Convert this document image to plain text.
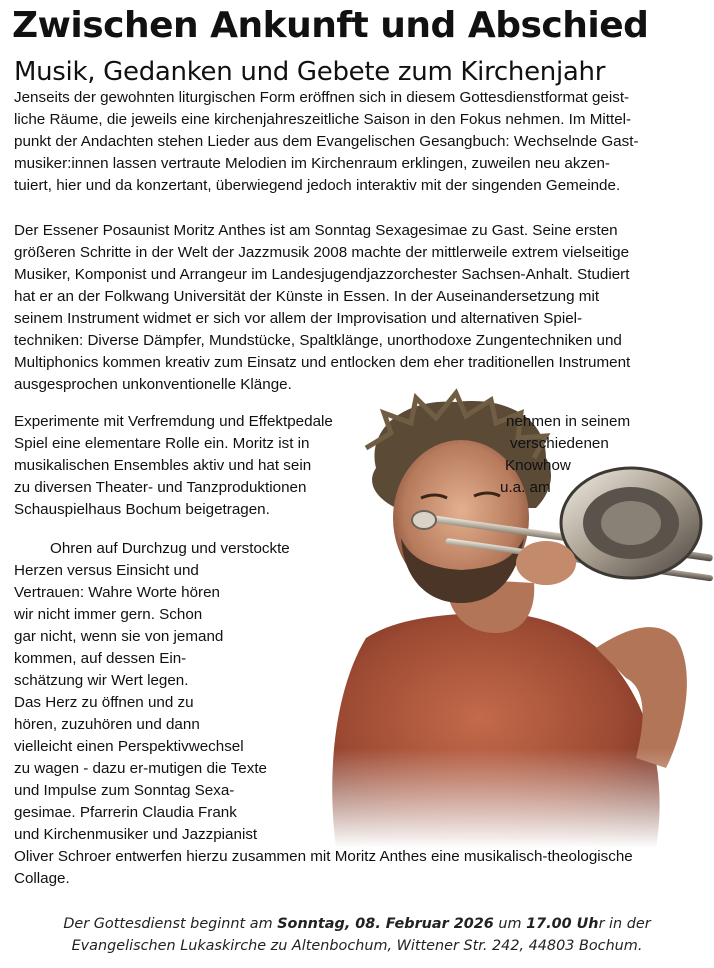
Zwischen Ankunft und Abschied
Musik, Gedanken und Gebete zum Kirchenjahr
Jenseits der gewohnten liturgischen Form eröffnen sich in diesem Gottesdienstformat geist-
liche Räume, die jeweils eine kirchenjahreszeitliche Saison in den Fokus nehmen. Im Mittel-
punkt der Andachten stehen Lieder aus dem Evangelischen Gesangbuch: Wechselnde Gast-
musiker:innen lassen vertraute Melodien im Kirchenraum erklingen, zuweilen neu akzen-
tuiert, hier und da konzertant, überwiegend jedoch interaktiv mit der singenden Gemeinde.
Der Essener Posaunist Moritz Anthes ist am Sonntag Sexagesimae zu Gast. Seine ersten
größeren Schritte in der Welt der Jazzmusik 2008 machte der mittlerweile extrem vielseitige
Musiker, Komponist und Arrangeur im Landesjugendjazzorchester Sachsen-Anhalt. Studiert
hat er an der Folkwang Universität der Künste in Essen. In der Auseinandersetzung mit
seinem Instrument widmet er sich vor allem der Improvisation und alternativen Spiel-
techniken: Diverse Dämpfer, Mundstücke, Spaltklänge, unorthodoxe Zungentechniken und
Multiphonics kommen kreativ zum Einsatz und entlocken dem eher traditionellen Instrument
ausgesprochen unkonventionelle Klänge.
Experimente mit Verfremdung und Effektpedale
Spiel eine elementare Rolle ein. Moritz ist in
musikalischen Ensembles aktiv und hat sein
zu diversen Theater- und Tanzproduktionen
Schauspielhaus Bochum beigetragen.
nehmen in seinem
verschiedenen
Knowhow
u.a. am
Ohren auf Durchzug und verstockte
Herzen versus Einsicht und
Vertrauen: Wahre Worte hören
wir nicht immer gern. Schon
gar nicht, wenn sie von jemand
kommen, auf dessen Ein-
schätzung wir Wert legen.
Das Herz zu öffnen und zu
hören, zuzuhören und dann
vielleicht einen Perspektivwechsel
zu wagen - dazu er-mutigen die Texte
und Impulse zum Sonntag Sexa-
gesimae. Pfarrerin Claudia Frank
und Kirchenmusiker und Jazzpianist
Oliver Schroer entwerfen hierzu zusammen mit Moritz Anthes eine musikalisch-theologische
Collage.
Der Gottesdienst beginnt am Sonntag, 08. Februar 2026 um 17.00 Uhr in der
Evangelischen Lukaskirche zu Altenbochum, Wittener Str. 242, 44803 Bochum.
